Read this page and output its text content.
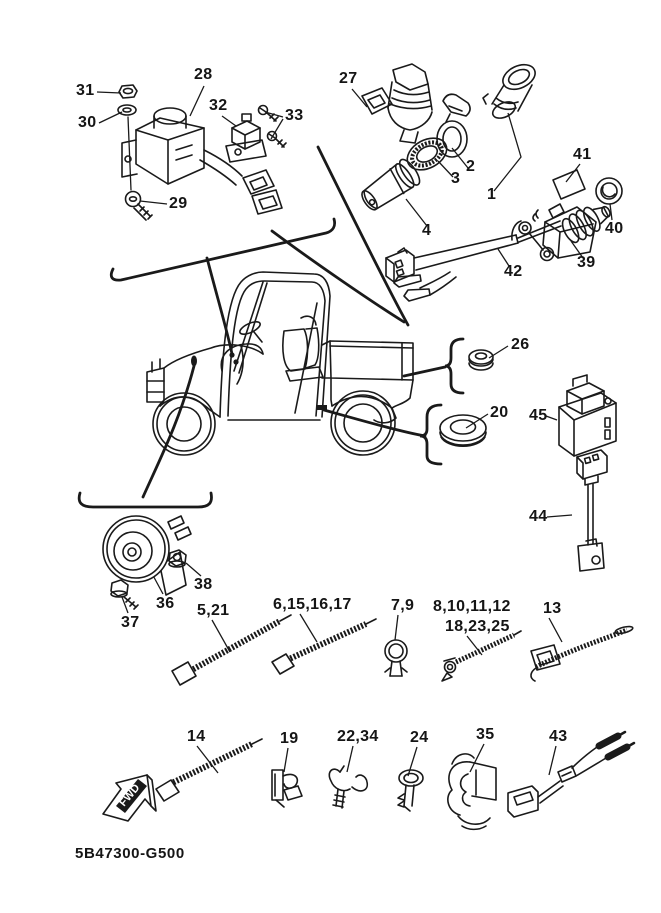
FWD
31
30
28
32
33
29
27
2
1
3
4
41
40
39
42
26
20 45
44
38
36
37
5,21	6,15,16,17 7,9 8,10,11,12
18,23,25
13
14	19 22,34 24	35	43
5B47300-G500
